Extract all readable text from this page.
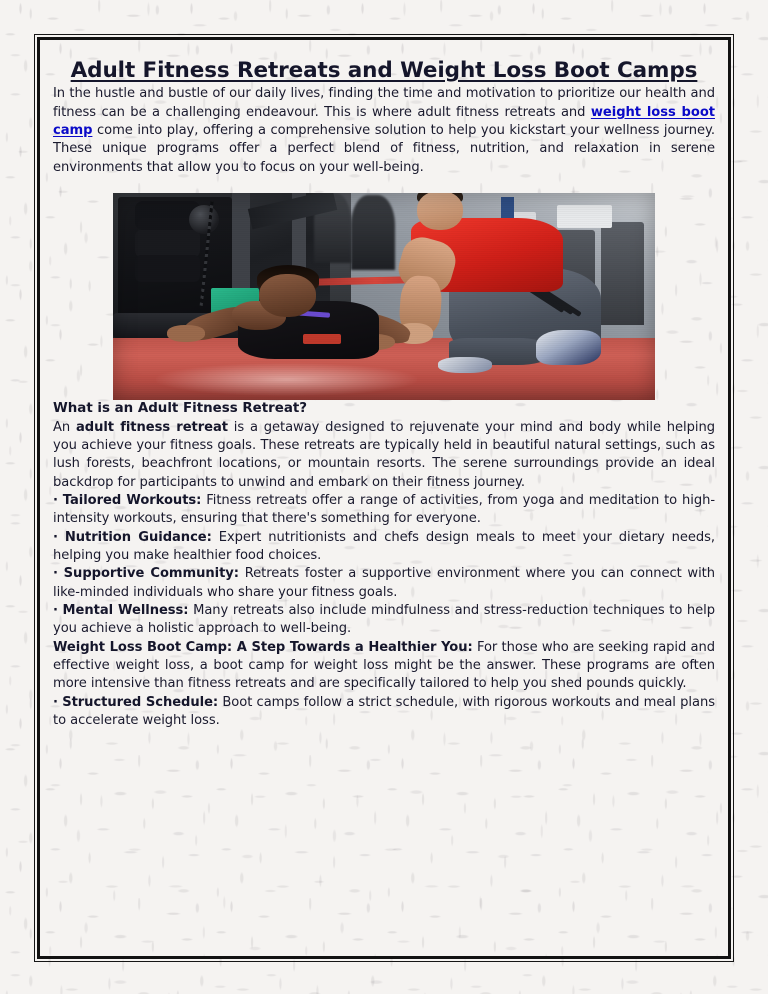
Adult Fitness Retreats and Weight Loss Boot Camps

In the hustle and bustle of our daily lives, finding the time and motivation to prioritize our health and fitness can be a challenging endeavour. This is where adult fitness retreats and weight loss boot camp come into play, offering a comprehensive solution to help you kickstart your wellness journey. These unique programs offer a perfect blend of fitness, nutrition, and relaxation in serene environments that allow you to focus on your well-being.

What is an Adult Fitness Retreat?

An adult fitness retreat is a getaway designed to rejuvenate your mind and body while helping you achieve your fitness goals. These retreats are typically held in beautiful natural settings, such as lush forests, beachfront locations, or mountain resorts. The serene surroundings provide an ideal backdrop for participants to unwind and embark on their fitness journey.

· Tailored Workouts: Fitness retreats offer a range of activities, from yoga and meditation to high-intensity workouts, ensuring that there's something for everyone.

· Nutrition Guidance: Expert nutritionists and chefs design meals to meet your dietary needs, helping you make healthier food choices.

· Supportive Community: Retreats foster a supportive environment where you can connect with like-minded individuals who share your fitness goals.

· Mental Wellness: Many retreats also include mindfulness and stress-reduction techniques to help you achieve a holistic approach to well-being.

Weight Loss Boot Camp: A Step Towards a Healthier You: For those who are seeking rapid and effective weight loss, a boot camp for weight loss might be the answer. These programs are often more intensive than fitness retreats and are specifically tailored to help you shed pounds quickly.

· Structured Schedule: Boot camps follow a strict schedule, with rigorous workouts and meal plans to accelerate weight loss.
